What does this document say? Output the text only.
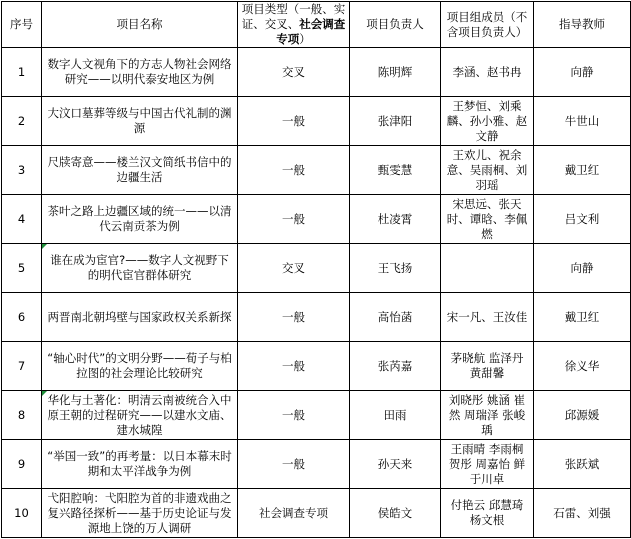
序号	项目名称	项目类型（一般、实证、交叉、社会调查专项）	项目负责人	项目组成员（不含项目负责人）	指导教师
1	数字人文视角下的方志人物社会网络研究——以明代泰安地区为例	交叉	陈明辉	李涵、赵书冉	向静
2	大汶口墓葬等级与中国古代礼制的渊源	一般	张津阳	王梦恒、刘乘麟、孙小雅、赵文静	牛世山
3	尺牍寄意——楼兰汉文简纸书信中的边疆生活	一般	甄雯慧	王欢儿、祝余意、吴雨桐、刘羽瑶	戴卫红
4	茶叶之路上边疆区域的统一——以清代云南贡茶为例	一般	杜凌霄	宋思远、张天时、谭晗、李佩燃	吕文利
5	谁在成为宦官?——数字人文视野下的明代宦官群体研究	交叉	王飞扬		向静
6	两晋南北朝坞壁与国家政权关系新探	一般	高怡菡	宋一凡、王汝佳	戴卫红
7	“轴心时代”的文明分野——荀子与柏拉图的社会理论比较研究	一般	张芮嘉	茅晓航 监泽丹 黄甜馨	徐义华
8	华化与土著化：明清云南被统合入中原王朝的过程研究——以建水文庙、建水城隍	一般	田雨	刘晓彤 姚涵 崔然 周瑞泽 张峻瑀	邱源媛
9	“举国一致”的再考量：以日本幕末时期和太平洋战争为例	一般	孙天来	王雨晴 李雨桐 贺彤 周嘉怡 鲜于川卓	张跃斌
10	弋阳腔响：弋阳腔为首的非遗戏曲之复兴路径探析——基于历史论证与发源地上饶的万人调研	社会调查专项	侯皓文	付艳云 邱慧琦 杨文根	石雷、刘强
